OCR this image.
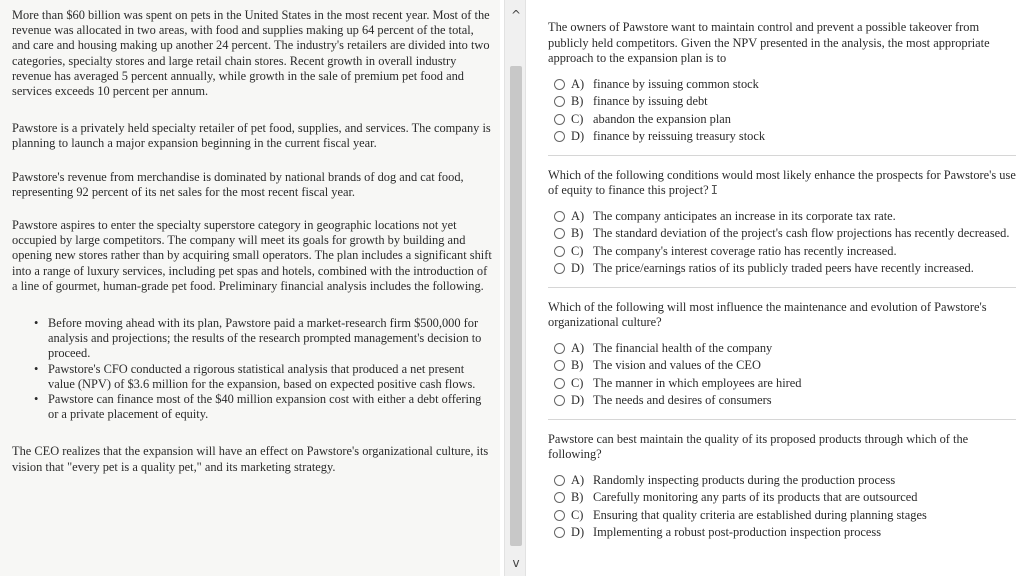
More than $60 billion was spent on pets in the United States in the most recent year. Most of the revenue was allocated in two areas, with food and supplies making up 64 percent of the total, and care and housing making up another 24 percent. The industry's retailers are divided into two categories, specialty stores and large retail chain stores. Recent growth in overall industry revenue has averaged 5 percent annually, while growth in the sale of premium pet food and services exceeds 10 percent per annum.

Pawstore is a privately held specialty retailer of pet food, supplies, and services. The company is planning to launch a major expansion beginning in the current fiscal year.

Pawstore's revenue from merchandise is dominated by national brands of dog and cat food, representing 92 percent of its net sales for the most recent fiscal year.

Pawstore aspires to enter the specialty superstore category in geographic locations not yet occupied by large competitors. The company will meet its goals for growth by building and opening new stores rather than by acquiring small operators. The plan includes a significant shift into a range of luxury services, including pet spas and hotels, combined with the introduction of a line of gourmet, human-grade pet food. Preliminary financial analysis includes the following.

• Before moving ahead with its plan, Pawstore paid a market-research firm $500,000 for analysis and projections; the results of the research prompted management's decision to proceed.
• Pawstore's CFO conducted a rigorous statistical analysis that produced a net present value (NPV) of $3.6 million for the expansion, based on expected positive cash flows.
• Pawstore can finance most of the $40 million expansion cost with either a debt offering or a private placement of equity.

The CEO realizes that the expansion will have an effect on Pawstore's organizational culture, its vision that "every pet is a quality pet," and its marketing strategy.

^
v
The owners of Pawstore want to maintain control and prevent a possible takeover from publicly held competitors. Given the NPV presented in the analysis, the most appropriate approach to the expansion plan is to
A) finance by issuing common stock
B) finance by issuing debt
C) abandon the expansion plan
D) finance by reissuing treasury stock
Which of the following conditions would most likely enhance the prospects for Pawstore's use of equity to finance this project? I
A) The company anticipates an increase in its corporate tax rate.
B) The standard deviation of the project's cash flow projections has recently decreased.
C) The company's interest coverage ratio has recently increased.
D) The price/earnings ratios of its publicly traded peers have recently increased.
Which of the following will most influence the maintenance and evolution of Pawstore's organizational culture?
A) The financial health of the company
B) The vision and values of the CEO
C) The manner in which employees are hired
D) The needs and desires of consumers
Pawstore can best maintain the quality of its proposed products through which of the following?
A) Randomly inspecting products during the production process
B) Carefully monitoring any parts of its products that are outsourced
C) Ensuring that quality criteria are established during planning stages
D) Implementing a robust post-production inspection process
